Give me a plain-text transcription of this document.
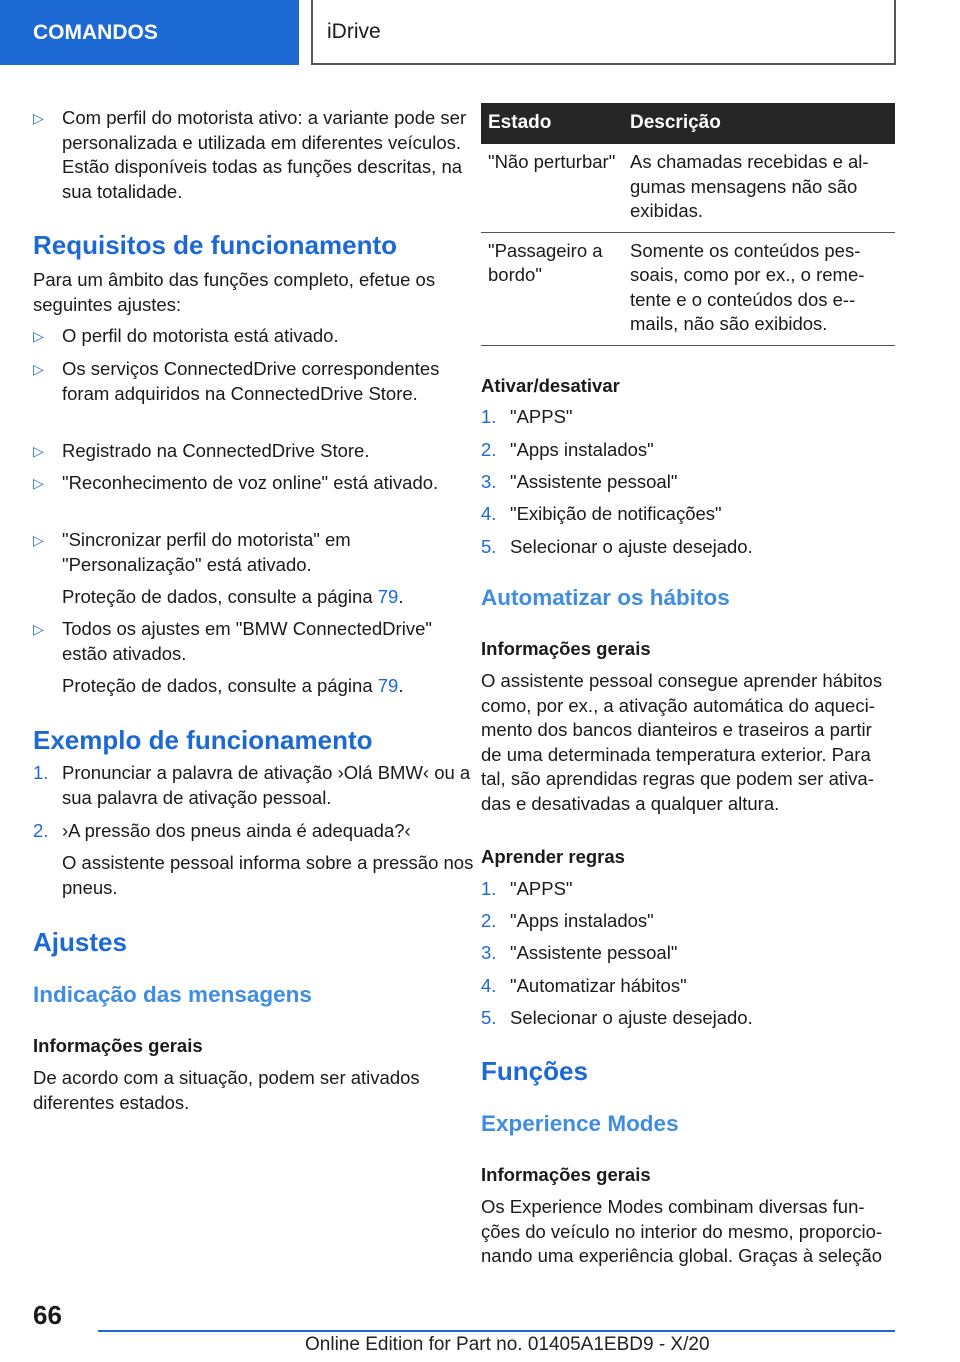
COMANDOS	iDrive
▷ Com perfil do motorista ativo: a variante pode ser personalizada e utilizada em diferentes veículos. Estão disponíveis todas as funções descritas, na sua totalidade.
Requisitos de funcionamento

Para um âmbito das funções completo, efetue os seguintes ajustes:

▷ O perfil do motorista está ativado.
▷ Os serviços ConnectedDrive correspondentes foram adquiridos na ConnectedDrive Store.
▷ Registrado na ConnectedDrive Store.
▷ "Reconhecimento de voz online" está ativado.
▷ "Sincronizar perfil do motorista" em "Personalização" está ativado.
Proteção de dados, consulte a página 79.
▷ Todos os ajustes em "BMW ConnectedDrive" estão ativados.
Proteção de dados, consulte a página 79.
Exemplo de funcionamento
1. Pronunciar a palavra de ativação ›Olá BMW‹ ou a sua palavra de ativação pessoal.
2. ›A pressão dos pneus ainda é adequada?‹
O assistente pessoal informa sobre a pressão nos pneus.
Ajustes
Indicação das mensagens
Informações gerais

De acordo com a situação, podem ser ativados diferentes estados.

Estado	Descrição
"Não perturbar"	As chamadas recebidas e algumas mensagens não são exibidas.
"Passageiro a bordo"	Somente os conteúdos pessoais, como por ex., o remetente e o conteúdos dos e-mails, não são exibidos.
Ativar/desativar
1. "APPS"
2. "Apps instalados"
3. "Assistente pessoal"
4. "Exibição de notificações"
5. Selecionar o ajuste desejado.
Automatizar os hábitos
Informações gerais

O assistente pessoal consegue aprender hábitos como, por ex., a ativação automática do aquecimento dos bancos dianteiros e traseiros a partir de uma determinada temperatura exterior. Para tal, são aprendidas regras que podem ser ativadas e desativadas a qualquer altura.

Aprender regras
1. "APPS"
2. "Apps instalados"
3. "Assistente pessoal"
4. "Automatizar hábitos"
5. Selecionar o ajuste desejado.
Funções
Experience Modes
Informações gerais

Os Experience Modes combinam diversas funções do veículo no interior do mesmo, proporcionando uma experiência global. Graças à seleção

66
Online Edition for Part no. 01405A1EBD9 - X/20
